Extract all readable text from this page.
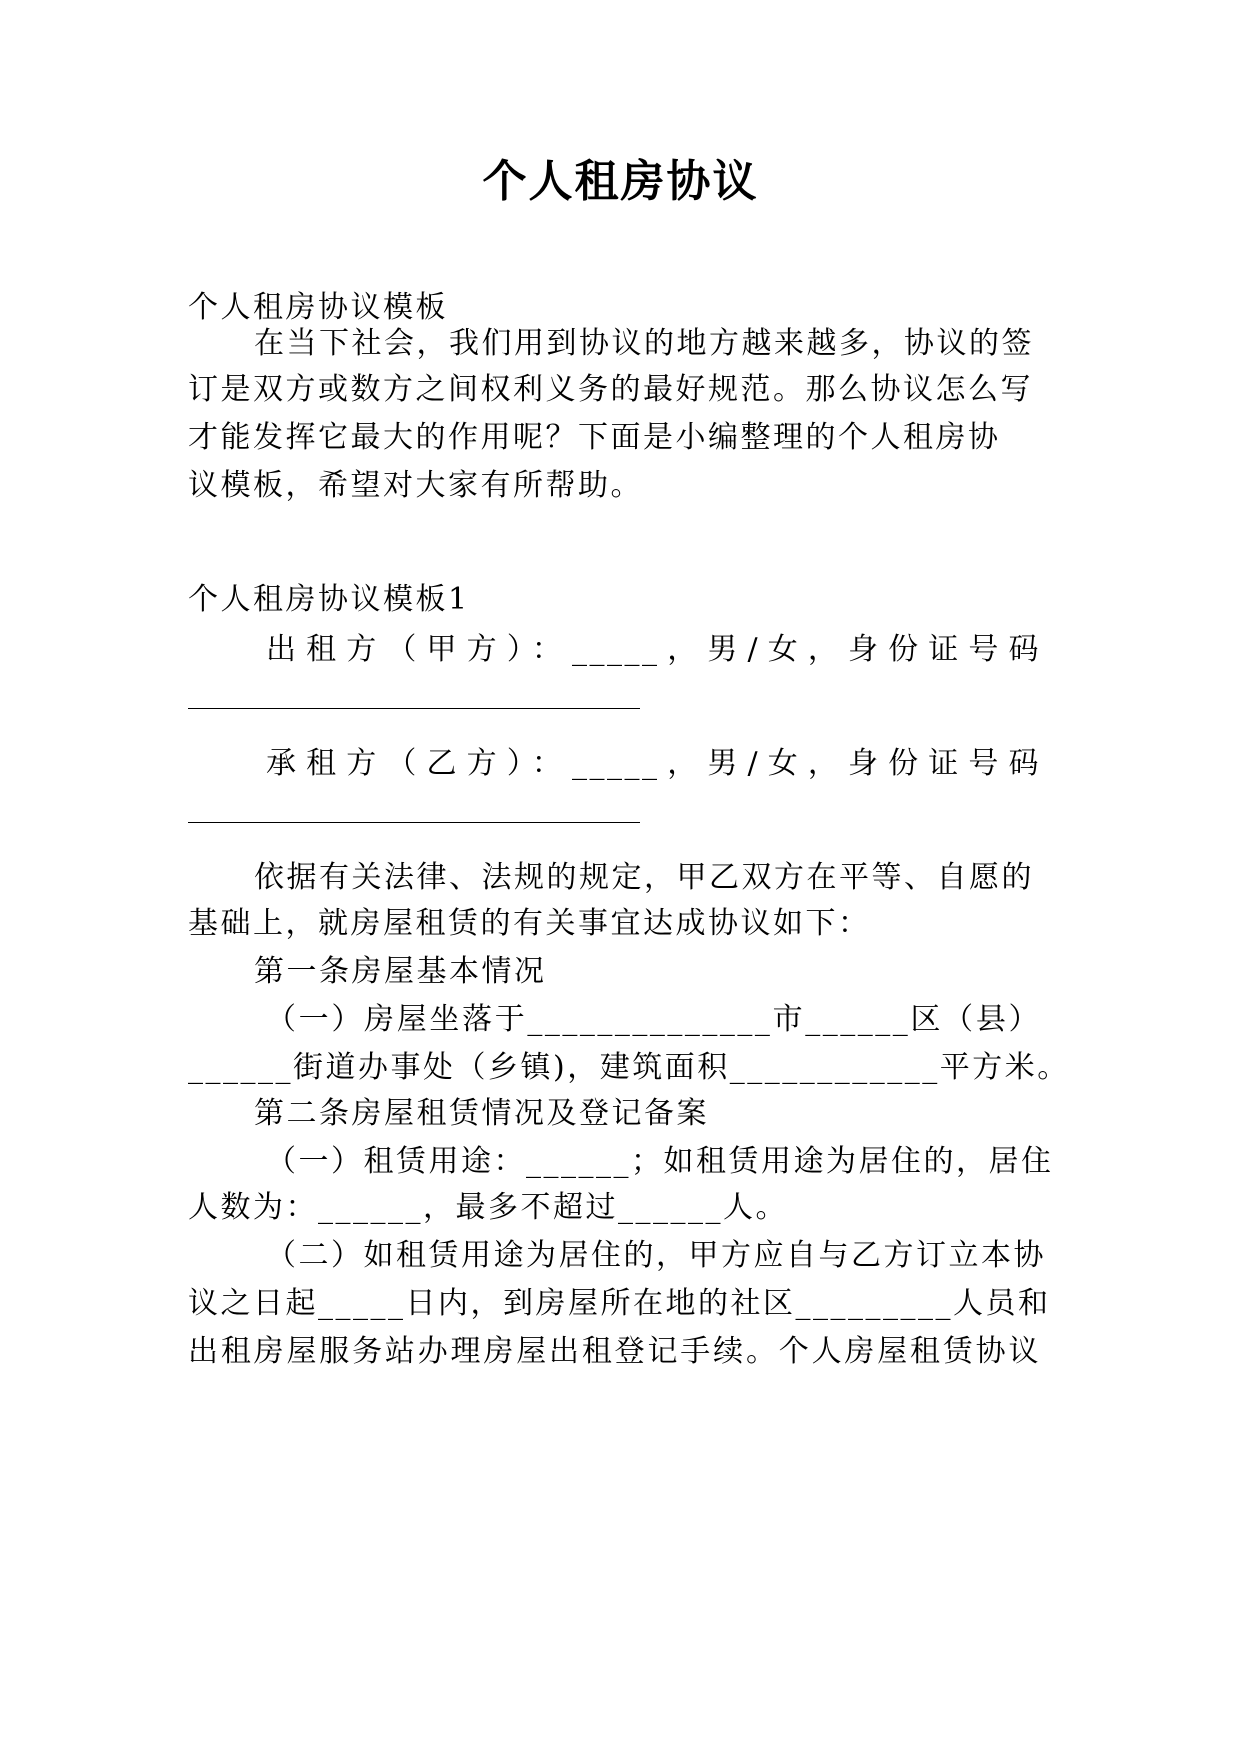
个人租房协议
个人租房协议模板
在当下社会，我们用到协议的地方越来越多，协议的签
订是双方或数方之间权利义务的最好规范。那么协议怎么写
才能发挥它最大的作用呢？下面是小编整理的个人租房协
议模板，希望对大家有所帮助。
个人租房协议模板1
出租方（甲方）：_____，男/女，身份证号码
承租方（乙方）：_____，男/女，身份证号码
依据有关法律、法规的规定，甲乙双方在平等、自愿的
基础上，就房屋租赁的有关事宜达成协议如下：
第一条房屋基本情况
（一）房屋坐落于______________市______区（县）
______街道办事处（乡镇)，建筑面积____________平方米。
第二条房屋租赁情况及登记备案
（一）租赁用途：______；如租赁用途为居住的，居住
人数为：______，最多不超过______人。
（二）如租赁用途为居住的，甲方应自与乙方订立本协
议之日起_____日内，到房屋所在地的社区_________人员和
出租房屋服务站办理房屋出租登记手续。个人房屋租赁协议
